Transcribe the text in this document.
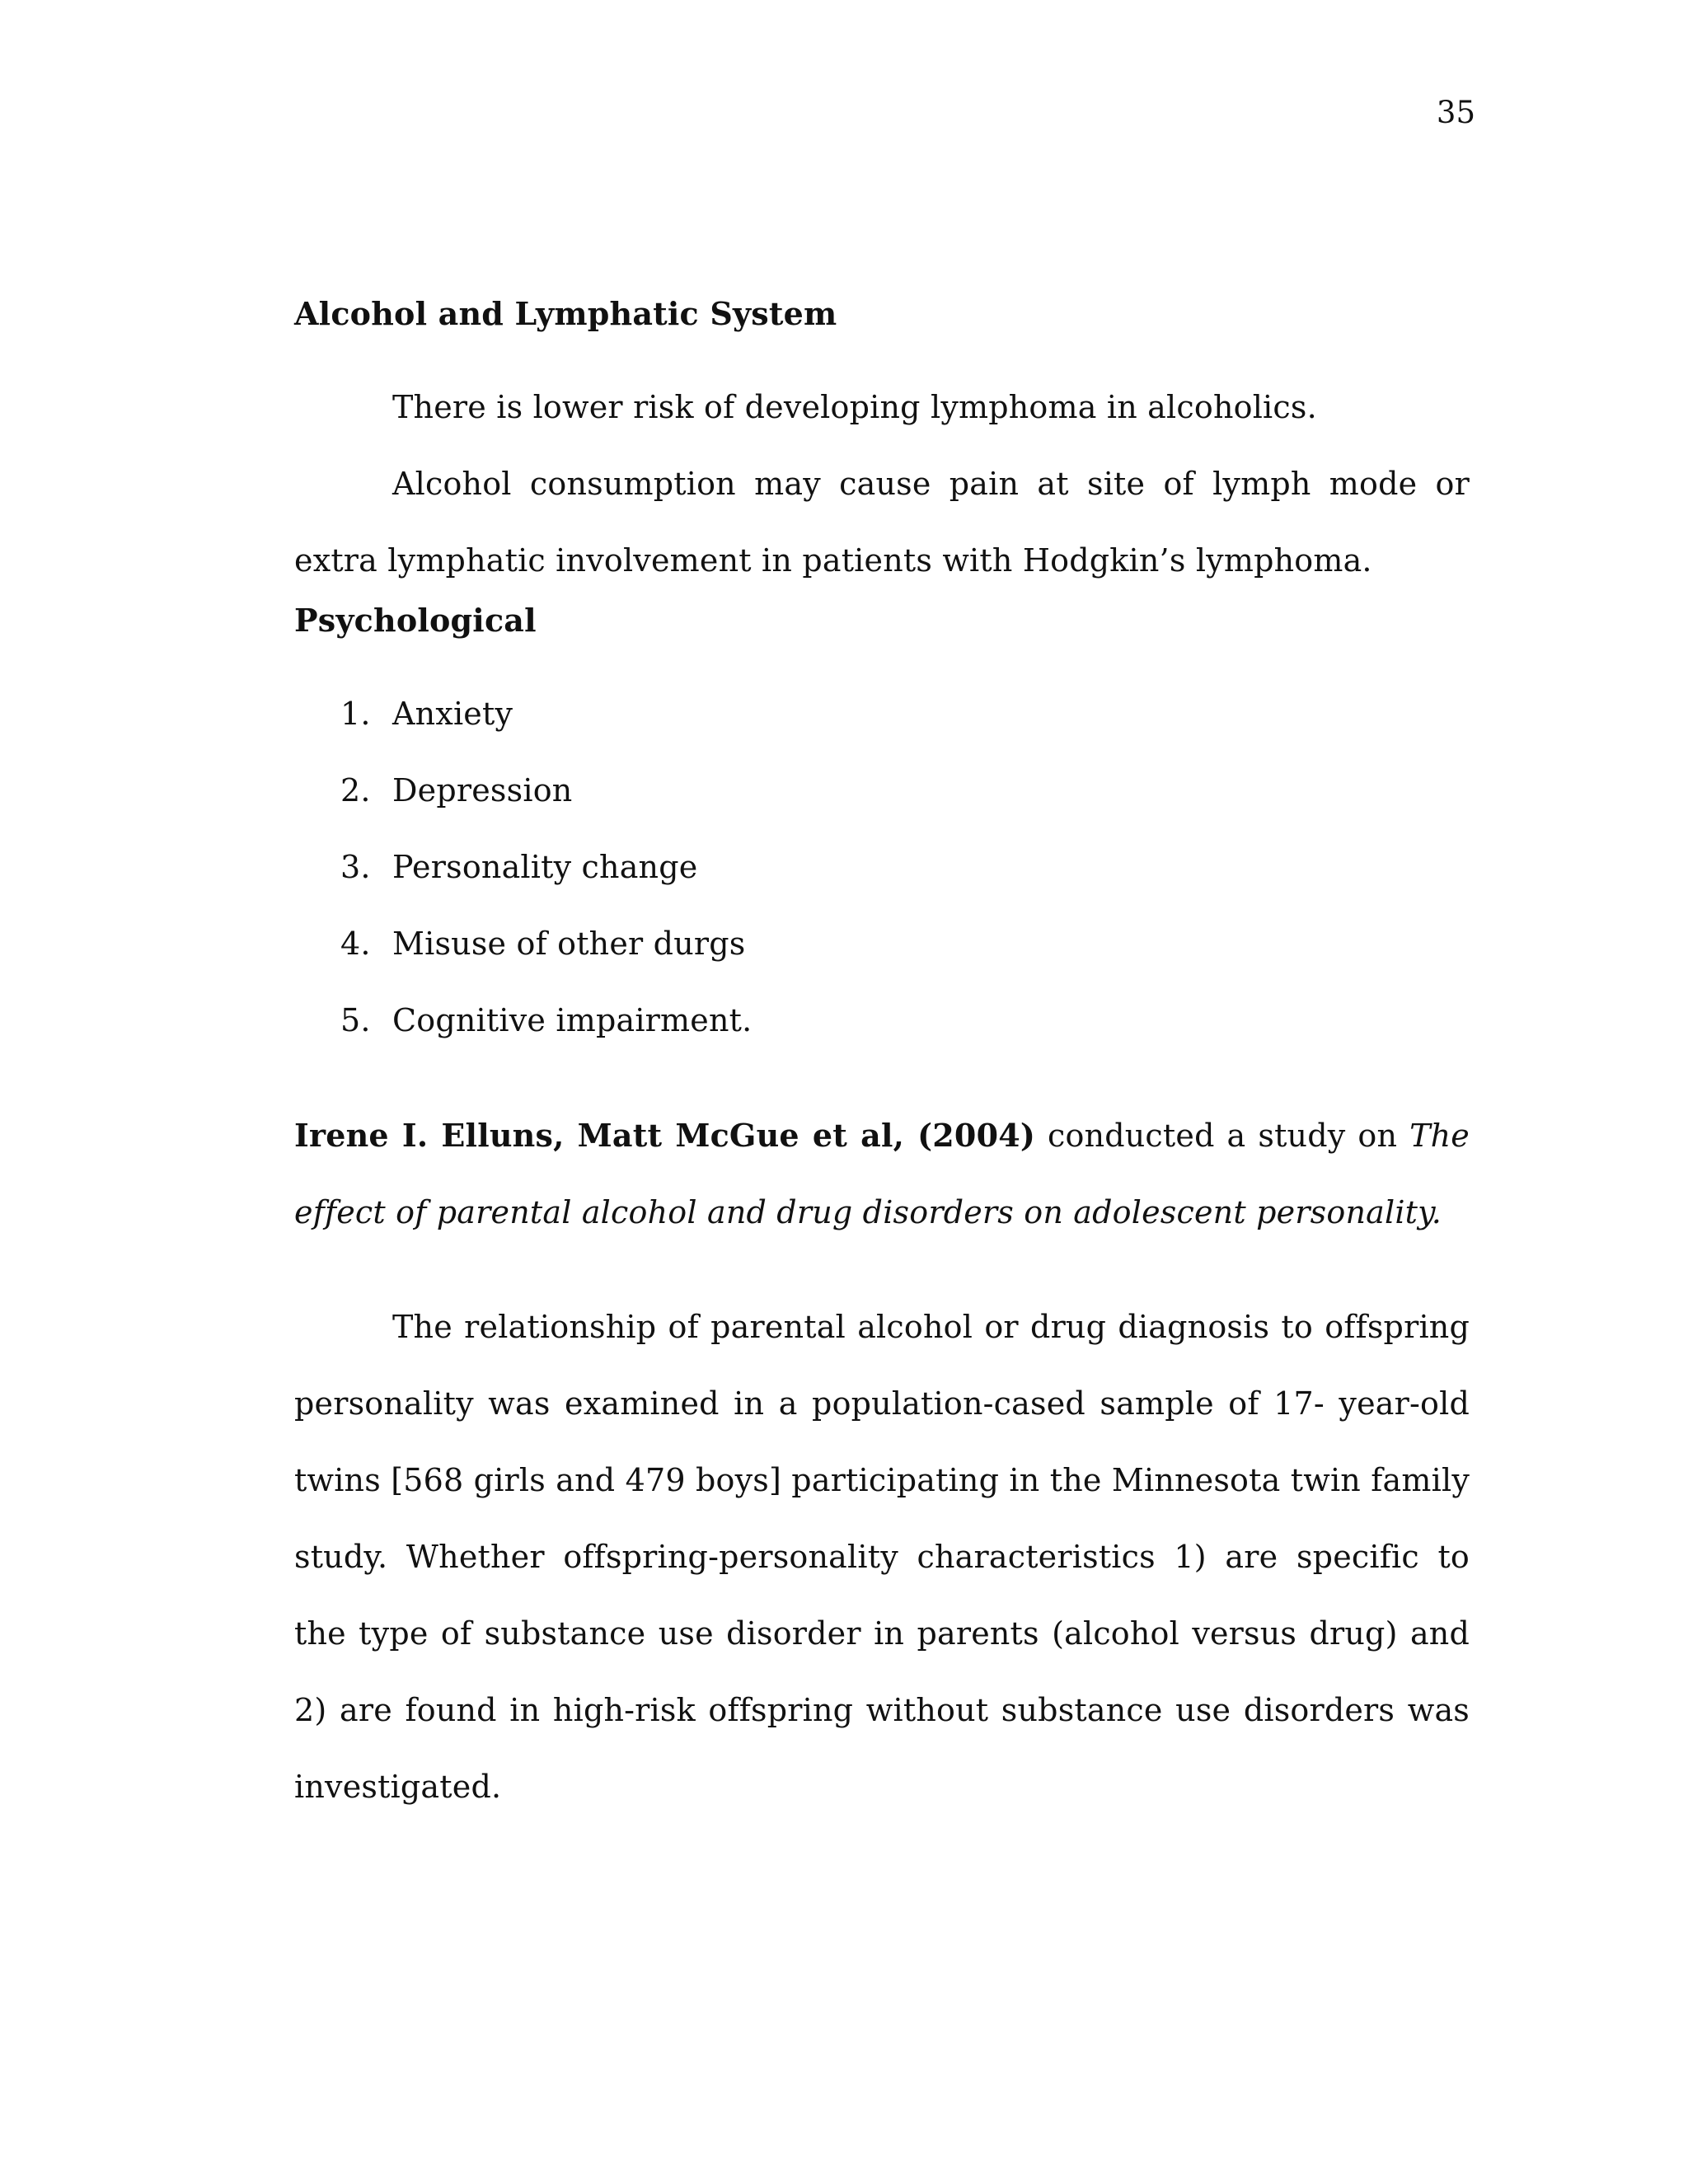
35
Alcohol and Lymphatic System

There is lower risk of developing lymphoma in alcoholics.

Alcohol consumption may cause pain at site of lymph mode or extra lymphatic involvement in patients with Hodgkin’s lymphoma.

Psychological
1. Anxiety
2. Depression
3. Personality change
4. Misuse of other durgs
5. Cognitive impairment.

Irene I. Elluns, Matt McGue et al, (2004) conducted a study on The effect of parental alcohol and drug disorders on adolescent personality.

The relationship of parental alcohol or drug diagnosis to offspring personality was examined in a population-cased sample of 17- year-old twins [568 girls and 479 boys] participating in the Minnesota twin family study. Whether offspring-personality characteristics 1) are specific to the type of substance use disorder in parents (alcohol versus drug) and 2) are found in high-risk offspring without substance use disorders was investigated.
